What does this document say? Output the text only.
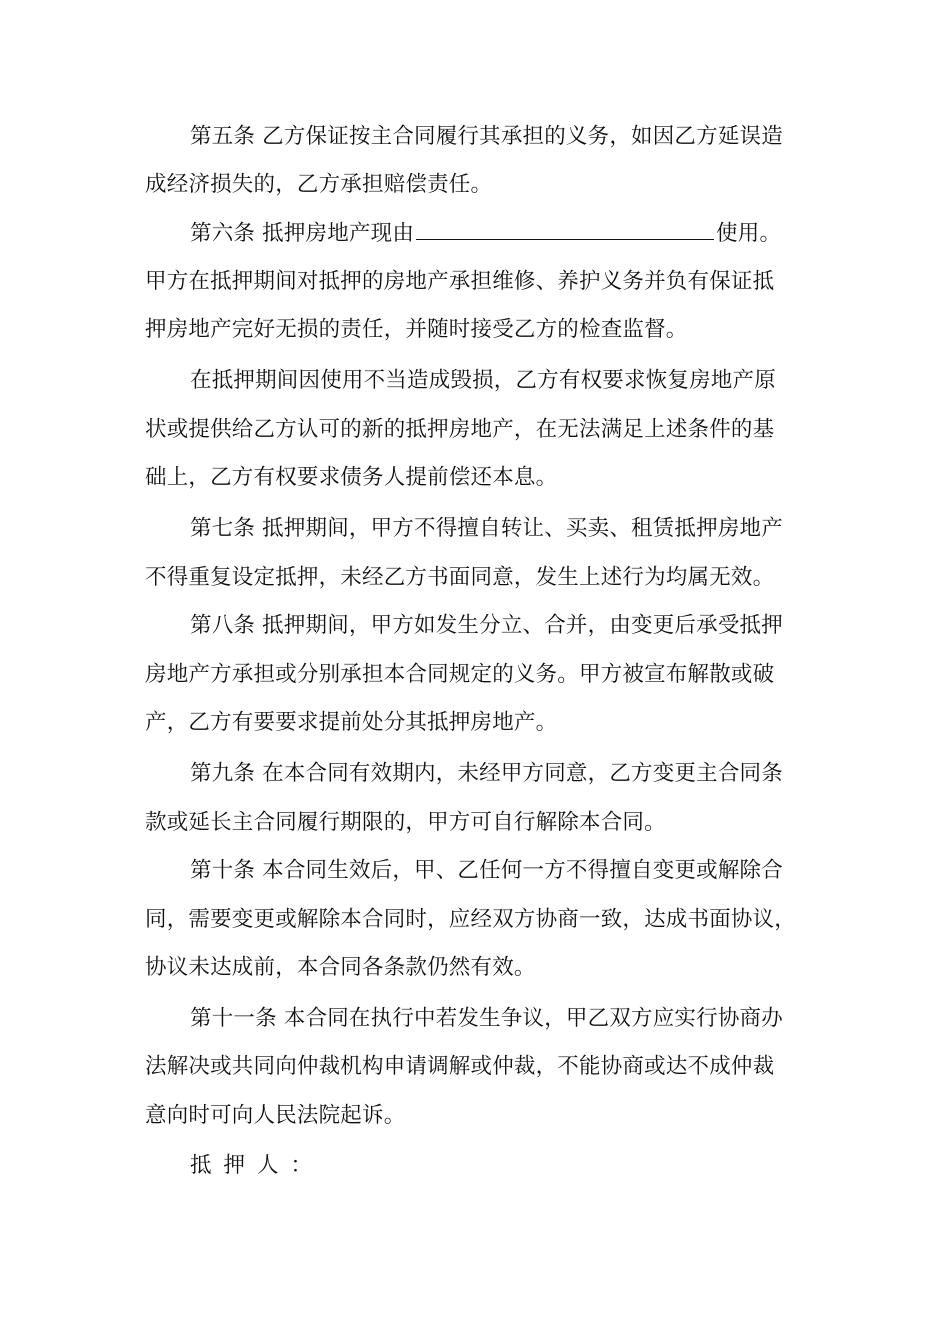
第五条 乙方保证按主合同履行其承担的义务，如因乙方延误造
成经济损失的，乙方承担赔偿责任。
第六条 抵押房地产现由	使用。
甲方在抵押期间对抵押的房地产承担维修、养护义务并负有保证抵
押房地产完好无损的责任，并随时接受乙方的检查监督。
在抵押期间因使用不当造成毁损，乙方有权要求恢复房地产原
状或提供给乙方认可的新的抵押房地产，在无法满足上述条件的基
础上，乙方有权要求债务人提前偿还本息。
第七条 抵押期间，甲方不得擅自转让、买卖、租赁抵押房地产
不得重复设定抵押，未经乙方书面同意，发生上述行为均属无效。
第八条 抵押期间，甲方如发生分立、合并，由变更后承受抵押
房地产方承担或分别承担本合同规定的义务。甲方被宣布解散或破
产，乙方有要要求提前处分其抵押房地产。
第九条 在本合同有效期内，未经甲方同意，乙方变更主合同条
款或延长主合同履行期限的，甲方可自行解除本合同。
第十条 本合同生效后，甲、乙任何一方不得擅自变更或解除合
同，需要变更或解除本合同时，应经双方协商一致，达成书面协议，
协议未达成前，本合同各条款仍然有效。
第十一条 本合同在执行中若发生争议，甲乙双方应实行协商办
法解决或共同向仲裁机构申请调解或仲裁，不能协商或达不成仲裁
意向时可向人民法院起诉。
抵押人：
